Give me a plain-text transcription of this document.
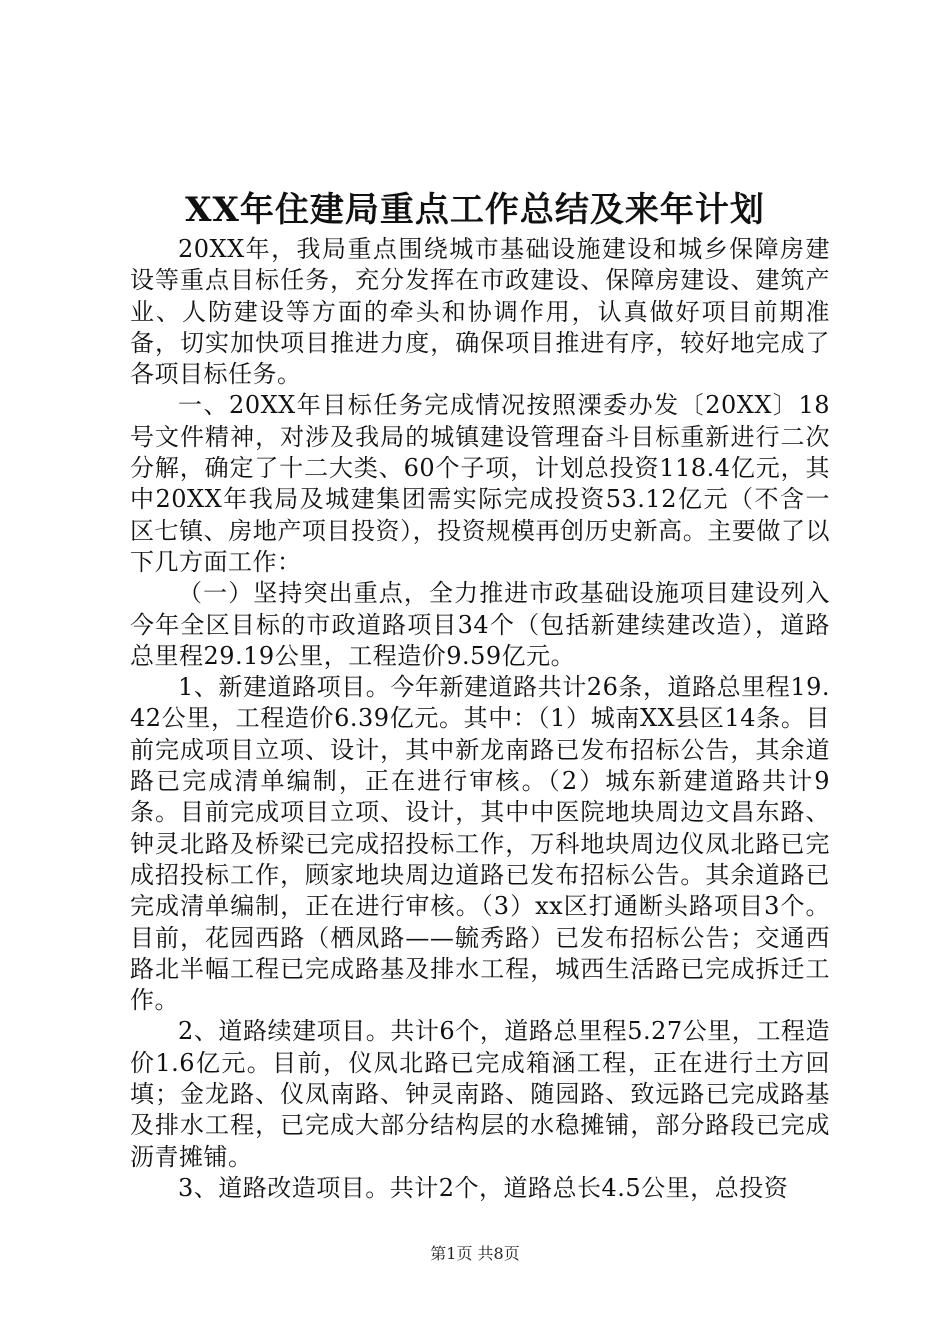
XX年住建局重点工作总结及来年计划

20XX年，我局重点围绕城市基础设施建设和城乡保障房建设等重点目标任务，充分发挥在市政建设、保障房建设、建筑产业、人防建设等方面的牵头和协调作用，认真做好项目前期准备，切实加快项目推进力度，确保项目推进有序，较好地完成了各项目标任务。

一、20XX年目标任务完成情况按照溧委办发〔20XX〕18号文件精神，对涉及我局的城镇建设管理奋斗目标重新进行二次分解，确定了十二大类、60个子项，计划总投资118.4亿元，其中20XX年我局及城建集团需实际完成投资53.12亿元（不含一区七镇、房地产项目投资），投资规模再创历史新高。主要做了以下几方面工作：

（一）坚持突出重点，全力推进市政基础设施项目建设列入今年全区目标的市政道路项目34个（包括新建续建改造），道路总里程29.19公里，工程造价9.59亿元。

1、新建道路项目。今年新建道路共计26条，道路总里程19.42公里，工程造价6.39亿元。其中：（1）城南XX县区14条。目前完成项目立项、设计，其中新龙南路已发布招标公告，其余道路已完成清单编制，正在进行审核。（2）城东新建道路共计9条。目前完成项目立项、设计，其中中医院地块周边文昌东路、钟灵北路及桥梁已完成招投标工作，万科地块周边仪凤北路已完成招投标工作，顾家地块周边道路已发布招标公告。其余道路已完成清单编制，正在进行审核。（3）xx区打通断头路项目3个。目前，花园西路（栖凤路——毓秀路）已发布招标公告；交通西路北半幅工程已完成路基及排水工程，城西生活路已完成拆迁工作。

2、道路续建项目。共计6个，道路总里程5.27公里，工程造价1.6亿元。目前，仪凤北路已完成箱涵工程，正在进行土方回填；金龙路、仪凤南路、钟灵南路、随园路、致远路已完成路基及排水工程，已完成大部分结构层的水稳摊铺，部分路段已完成沥青摊铺。

3、道路改造项目。共计2个，道路总长4.5公里，总投资

第1页 共8页
